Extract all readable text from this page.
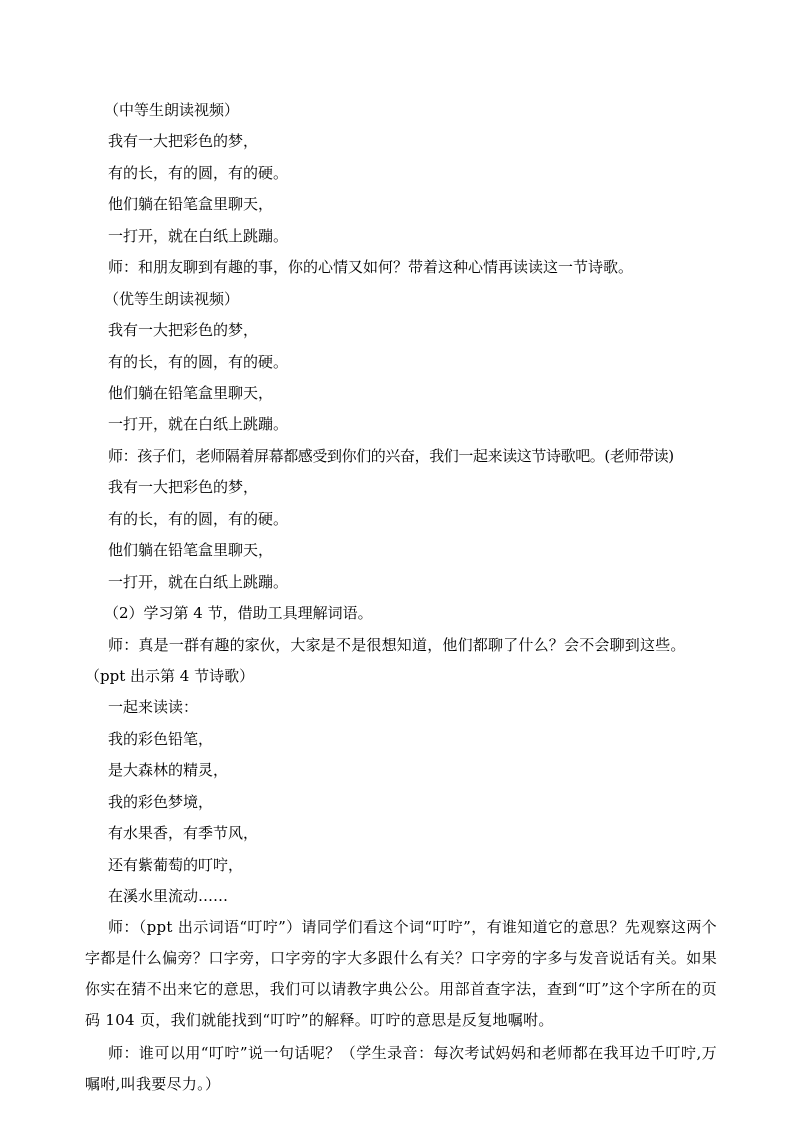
（中等生朗读视频）

我有一大把彩色的梦，

有的长，有的圆，有的硬。

他们躺在铅笔盒里聊天，

一打开，就在白纸上跳蹦。

师：和朋友聊到有趣的事，你的心情又如何？带着这种心情再读读这一节诗歌。

（优等生朗读视频）

我有一大把彩色的梦，

有的长，有的圆，有的硬。

他们躺在铅笔盒里聊天，

一打开，就在白纸上跳蹦。

师：孩子们，老师隔着屏幕都感受到你们的兴奋，我们一起来读这节诗歌吧。(老师带读)

我有一大把彩色的梦，

有的长，有的圆，有的硬。

他们躺在铅笔盒里聊天，

一打开，就在白纸上跳蹦。

（2）学习第 4 节，借助工具理解词语。

师：真是一群有趣的家伙，大家是不是很想知道，他们都聊了什么？会不会聊到这些。

（ppt 出示第 4 节诗歌）

一起来读读：

我的彩色铅笔，

是大森林的精灵，

我的彩色梦境，

有水果香，有季节风，

还有紫葡萄的叮咛，

在溪水里流动……

师：（ppt 出示词语“叮咛”）请同学们看这个词“叮咛”，有谁知道它的意思？先观察这两个字都是什么偏旁？口字旁，口字旁的字大多跟什么有关？口字旁的字多与发音说话有关。如果你实在猜不出来它的意思，我们可以请教字典公公。用部首查字法，查到“叮”这个字所在的页码 104 页，我们就能找到“叮咛”的解释。叮咛的意思是反复地嘱咐。

师：谁可以用“叮咛”说一句话呢？（学生录音：每次考试妈妈和老师都在我耳边千叮咛,万嘱咐,叫我要尽力。）
